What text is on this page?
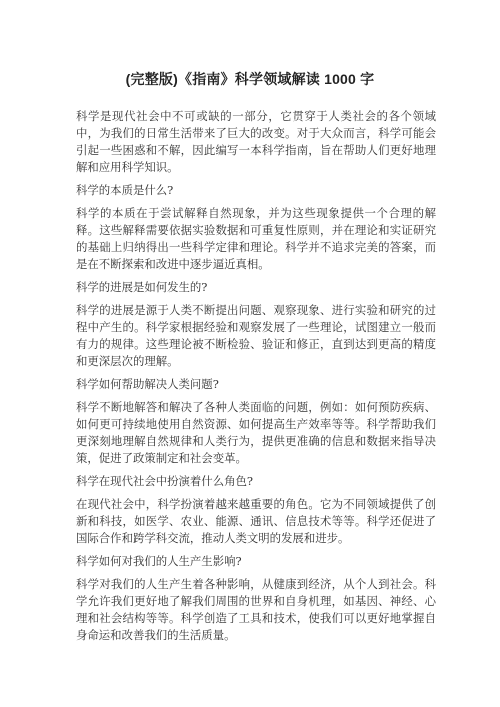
(完整版)《指南》科学领域解读 1000 字

科学是现代社会中不可或缺的一部分，它贯穿于人类社会的各个领域中，为我们的日常生活带来了巨大的改变。对于大众而言，科学可能会引起一些困惑和不解，因此编写一本科学指南，旨在帮助人们更好地理解和应用科学知识。

科学的本质是什么?

科学的本质在于尝试解释自然现象，并为这些现象提供一个合理的解释。这些解释需要依据实验数据和可重复性原则，并在理论和实证研究的基础上归纳得出一些科学定律和理论。科学并不追求完美的答案，而是在不断探索和改进中逐步逼近真相。

科学的进展是如何发生的?

科学的进展是源于人类不断提出问题、观察现象、进行实验和研究的过程中产生的。科学家根据经验和观察发展了一些理论，试图建立一般而有力的规律。这些理论被不断检验、验证和修正，直到达到更高的精度和更深层次的理解。

科学如何帮助解决人类问题?

科学不断地解答和解决了各种人类面临的问题，例如：如何预防疾病、如何更可持续地使用自然资源、如何提高生产效率等等。科学帮助我们更深刻地理解自然规律和人类行为，提供更准确的信息和数据来指导决策，促进了政策制定和社会变革。

科学在现代社会中扮演着什么角色?

在现代社会中，科学扮演着越来越重要的角色。它为不同领域提供了创新和科技，如医学、农业、能源、通讯、信息技术等等。科学还促进了国际合作和跨学科交流，推动人类文明的发展和进步。

科学如何对我们的人生产生影响?

科学对我们的人生产生着各种影响，从健康到经济，从个人到社会。科学允许我们更好地了解我们周围的世界和自身机理，如基因、神经、心理和社会结构等等。科学创造了工具和技术，使我们可以更好地掌握自身命运和改善我们的生活质量。
